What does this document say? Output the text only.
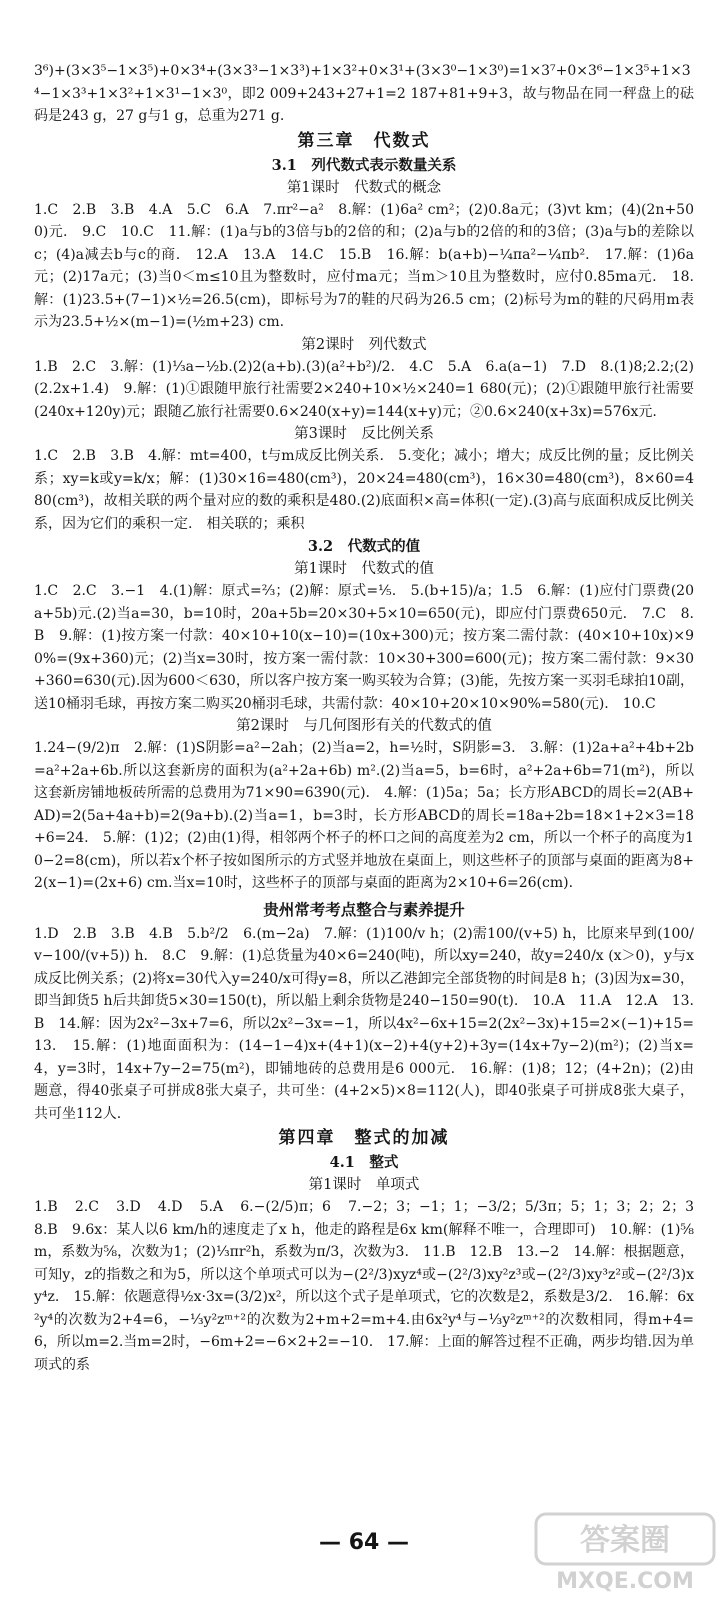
3⁶)+(3×3⁵−1×3⁵)+0×3⁴+(3×3³−1×3³)+1×3²+0×3¹+(3×3⁰−1×3⁰)=1×3⁷+0×3⁶−1×3⁵+1×3⁴−1×3³+1×3²+1×3¹−1×3⁰，即2 009+243+27+1=2 187+81+9+3，故与物品在同一秤盘上的砝码是243 g，27 g与1 g，总重为271 g.

第三章　代数式

3.1　列代数式表示数量关系

第1课时　代数式的概念

1.C　2.B　3.B　4.A　5.C　6.A　7.πr²−a²　8.解：(1)6a² cm²；(2)0.8a元；(3)vt km；(4)(2n+500)元.　9.C　10.C　11.解：(1)a与b的3倍与b的2倍的和；(2)a与b的2倍的和的3倍；(3)a与b的差除以c；(4)a减去b与c的商.　12.A　13.A　14.C　15.B　16.解：b(a+b)−¼πa²−¼πb².　17.解：(1)6a元；(2)17a元；(3)当0＜m≤10且为整数时，应付ma元；当m＞10且为整数时，应付0.85ma元.　18.解：(1)23.5+(7−1)×½=26.5(cm)，即标号为7的鞋的尺码为26.5 cm；(2)标号为m的鞋的尺码用m表示为23.5+½×(m−1)=(½m+23) cm.

第2课时　列代数式

1.B　2.C　3.解：(1)⅓a−½b.(2)2(a+b).(3)(a²+b²)/2.　4.C　5.A　6.a(a−1)　7.D　8.(1)8;2.2;(2)(2.2x+1.4)　9.解：(1)①跟随甲旅行社需要2×240+10×½×240=1 680(元)；(2)①跟随甲旅行社需要(240x+120y)元；跟随乙旅行社需要0.6×240(x+y)=144(x+y)元；②0.6×240(x+3x)=576x元.

第3课时　反比例关系

1.C　2.B　3.B　4.解：mt=400，t与m成反比例关系.　5.变化；减小；增大；成反比例的量；反比例关系；xy=k或y=k/x；解：(1)30×16=480(cm³)，20×24=480(cm³)，16×30=480(cm³)，8×60=480(cm³)，故相关联的两个量对应的数的乘积是480.(2)底面积×高=体积(一定).(3)高与底面积成反比例关系，因为它们的乘积一定.　相关联的；乘积

3.2　代数式的值

第1课时　代数式的值

1.C　2.C　3.−1　4.(1)解：原式=⅔；(2)解：原式=⅕.　5.(b+15)/a；1.5　6.解：(1)应付门票费(20a+5b)元.(2)当a=30，b=10时，20a+5b=20×30+5×10=650(元)，即应付门票费650元.　7.C　8.B　9.解：(1)按方案一付款：40×10+10(x−10)=(10x+300)元；按方案二需付款：(40×10+10x)×90%=(9x+360)元；(2)当x=30时，按方案一需付款：10×30+300=600(元)；按方案二需付款：9×30+360=630(元).因为600＜630，所以客户按方案一购买较为合算；(3)能，先按方案一买羽毛球拍10副，送10桶羽毛球，再按方案二购买20桶羽毛球，共需付款：40×10+20×10×90%=580(元).　10.C

第2课时　与几何图形有关的代数式的值

1.24−(9/2)π　2.解：(1)S阴影=a²−2ah；(2)当a=2，h=½时，S阴影=3.　3.解：(1)2a+a²+4b+2b=a²+2a+6b.所以这套新房的面积为(a²+2a+6b) m².(2)当a=5，b=6时，a²+2a+6b=71(m²)，所以这套新房铺地板砖所需的总费用为71×90=6390(元).　4.解：(1)5a；5a；长方形ABCD的周长=2(AB+AD)=2(5a+4a+b)=2(9a+b).(2)当a=1，b=3时，长方形ABCD的周长=18a+2b=18×1+2×3=18+6=24.　5.解：(1)2；(2)由(1)得，相邻两个杯子的杯口之间的高度差为2 cm，所以一个杯子的高度为10−2=8(cm)，所以若x个杯子按如图所示的方式竖并地放在桌面上，则这些杯子的顶部与桌面的距离为8+2(x−1)=(2x+6) cm.当x=10时，这些杯子的顶部与桌面的距离为2×10+6=26(cm).

贵州常考考点整合与素养提升

1.D　2.B　3.B　4.B　5.b²/2　6.(m−2a)　7.解：(1)100/v h；(2)需100/(v+5) h，比原来早到(100/v−100/(v+5)) h.　8.C　9.解：(1)总货量为40×6=240(吨)，所以xy=240，故y=240/x (x＞0)，y与x成反比例关系；(2)将x=30代入y=240/x可得y=8，所以乙港卸完全部货物的时间是8 h；(3)因为x=30，即当卸货5 h后共卸货5×30=150(t)，所以船上剩余货物是240−150=90(t).　10.A　11.A　12.A　13.B　14.解：因为2x²−3x+7=6，所以2x²−3x=−1，所以4x²−6x+15=2(2x²−3x)+15=2×(−1)+15=13.　15.解：(1)地面面积为：(14−1−4)x+(4+1)(x−2)+4(y+2)+3y=(14x+7y−2)(m²)；(2)当x=4，y=3时，14x+7y−2=75(m²)，即铺地砖的总费用是6 000元.　16.解：(1)8；12；(4+2n)；(2)由题意，得40张桌子可拼成8张大桌子，共可坐：(4+2×5)×8=112(人)，即40张桌子可拼成8张大桌子，共可坐112人.

第四章　整式的加减

4.1　整式

第1课时　单项式

1.B　2.C　3.D　4.D　5.A　6.−(2/5)π；6　7.−2；3；−1；1；−3/2；5/3π；5；1；3；2；2；3　8.B　9.6x：某人以6 km/h的速度走了x h，他走的路程是6x km(解释不唯一，合理即可)　10.解：(1)⅝m，系数为⅝，次数为1；(2)⅓πr²h，系数为π/3，次数为3.　11.B　12.B　13.−2　14.解：根据题意，可知y，z的指数之和为5，所以这个单项式可以为−(2²/3)xyz⁴或−(2²/3)xy²z³或−(2²/3)xy³z²或−(2²/3)xy⁴z.　15.解：依题意得½x·3x=(3/2)x²，所以这个式子是单项式，它的次数是2，系数是3/2.　16.解：6x²y⁴的次数为2+4=6，−⅓y²zᵐ⁺²的次数为2+m+2=m+4.由6x²y⁴与−⅓y²zᵐ⁺²的次数相同，得m+4=6，所以m=2.当m=2时，−6m+2=−6×2+2=−10.　17.解：上面的解答过程不正确，两步均错.因为单项式的系

— 64 —	答案圈
MXQE.COM
